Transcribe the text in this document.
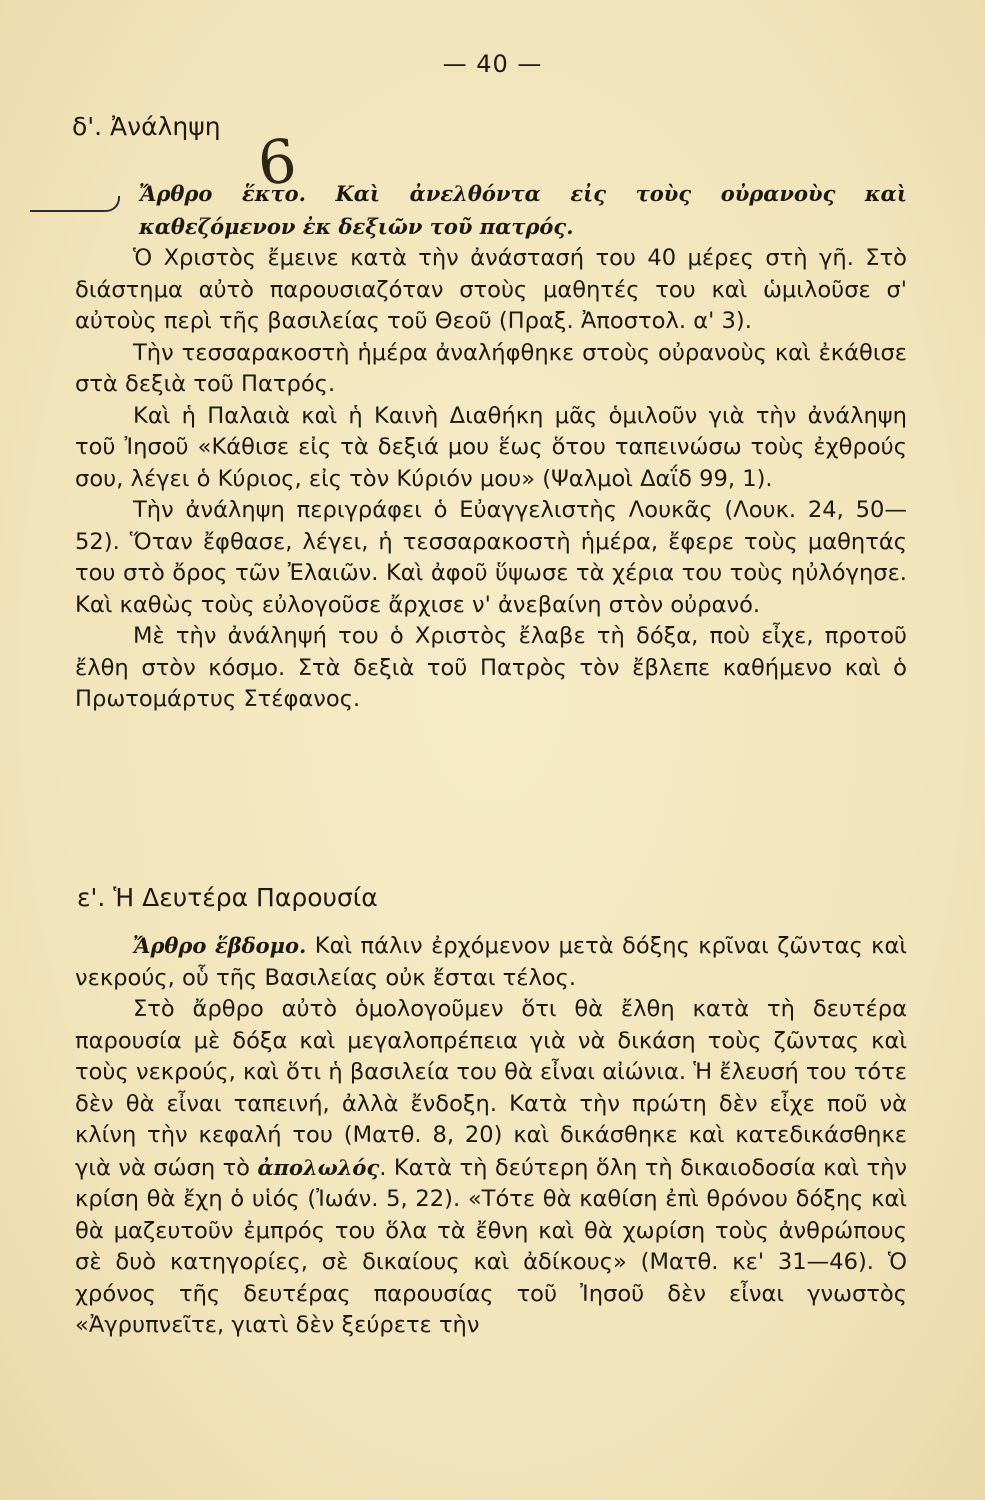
— 40 —
δ'. Ἀνάληψη 6

Ἄρθρο ἕκτο. Καὶ ἀνελθόντα εἰς τοὺς οὐρανοὺς καὶ καθεζόμενον ἐκ δεξιῶν τοῦ πατρός.

Ὁ Χριστὸς ἔμεινε κατὰ τὴν ἀνάστασή του 40 μέρες στὴ γῆ. Στὸ διάστημα αὐτὸ παρουσιαζόταν στοὺς μαθητές του καὶ ὡμιλοῦσε σ' αὐτοὺς περὶ τῆς βασιλείας τοῦ Θεοῦ (Πραξ. Ἀποστολ. α' 3).

Τὴν τεσσαρακοστὴ ἡμέρα ἀναλήφθηκε στοὺς οὐρανοὺς καὶ ἐκάθισε στὰ δεξιὰ τοῦ Πατρός.

Καὶ ἡ Παλαιὰ καὶ ἡ Καινὴ Διαθήκη μᾶς ὁμιλοῦν γιὰ τὴν ἀνάληψη τοῦ Ἰησοῦ «Κάθισε εἰς τὰ δεξιά μου ἕως ὅτου ταπεινώσω τοὺς ἐχθρούς σου, λέγει ὁ Κύριος, εἰς τὸν Κύριόν μου» (Ψαλμοὶ Δαΐδ 99, 1).

Τὴν ἀνάληψη περιγράφει ὁ Εὐαγγελιστὴς Λουκᾶς (Λουκ. 24, 50—52). Ὅταν ἔφθασε, λέγει, ἡ τεσσαρακοστὴ ἡμέρα, ἔφερε τοὺς μαθητάς του στὸ ὄρος τῶν Ἐλαιῶν. Καὶ ἀφοῦ ὕψωσε τὰ χέρια του τοὺς ηὐλόγησε. Καὶ καθὼς τοὺς εὐλογοῦσε ἄρχισε ν' ἀνεβαίνη στὸν οὐρανό.

Μὲ τὴν ἀνάληψή του ὁ Χριστὸς ἔλαβε τὴ δόξα, ποὺ εἶχε, προτοῦ ἔλθη στὸν κόσμο. Στὰ δεξιὰ τοῦ Πατρὸς τὸν ἔβλεπε καθήμενο καὶ ὁ Πρωτομάρτυς Στέφανος.

ε'. Ἡ Δευτέρα Παρουσία

Ἄρθρο ἕβδομο. Καὶ πάλιν ἐρχόμενον μετὰ δόξης κρῖναι ζῶντας καὶ νεκρούς, οὗ τῆς Βασιλείας οὐκ ἔσται τέλος.

Στὸ ἄρθρο αὐτὸ ὁμολογοῦμεν ὅτι θὰ ἔλθη κατὰ τὴ δευτέρα παρουσία μὲ δόξα καὶ μεγαλοπρέπεια γιὰ νὰ δικάση τοὺς ζῶντας καὶ τοὺς νεκρούς, καὶ ὅτι ἡ βασιλεία του θὰ εἶναι αἰώνια. Ἡ ἔλευσή του τότε δὲν θὰ εἶναι ταπεινή, ἀλλὰ ἔνδοξη. Κατὰ τὴν πρώτη δὲν εἶχε ποῦ νὰ κλίνη τὴν κεφαλή του (Ματθ. 8, 20) καὶ δικάσθηκε καὶ κατεδικάσθηκε γιὰ νὰ σώση τὸ ἀπολωλός. Κατὰ τὴ δεύτερη ὅλη τὴ δικαιοδοσία καὶ τὴν κρίση θὰ ἔχη ὁ υἱός (Ἰωάν. 5, 22). «Τότε θὰ καθίση ἐπὶ θρόνου δόξης καὶ θὰ μαζευτοῦν ἐμπρός του ὅλα τὰ ἔθνη καὶ θὰ χωρίση τοὺς ἀνθρώπους σὲ δυὸ κατηγορίες, σὲ δικαίους καὶ ἀδίκους» (Ματθ. κε' 31—46). Ὁ χρόνος τῆς δευτέρας παρουσίας τοῦ Ἰησοῦ δὲν εἶναι γνωστὸς «Ἀγρυπνεῖτε, γιατὶ δὲν ξεύρετε τὴν
